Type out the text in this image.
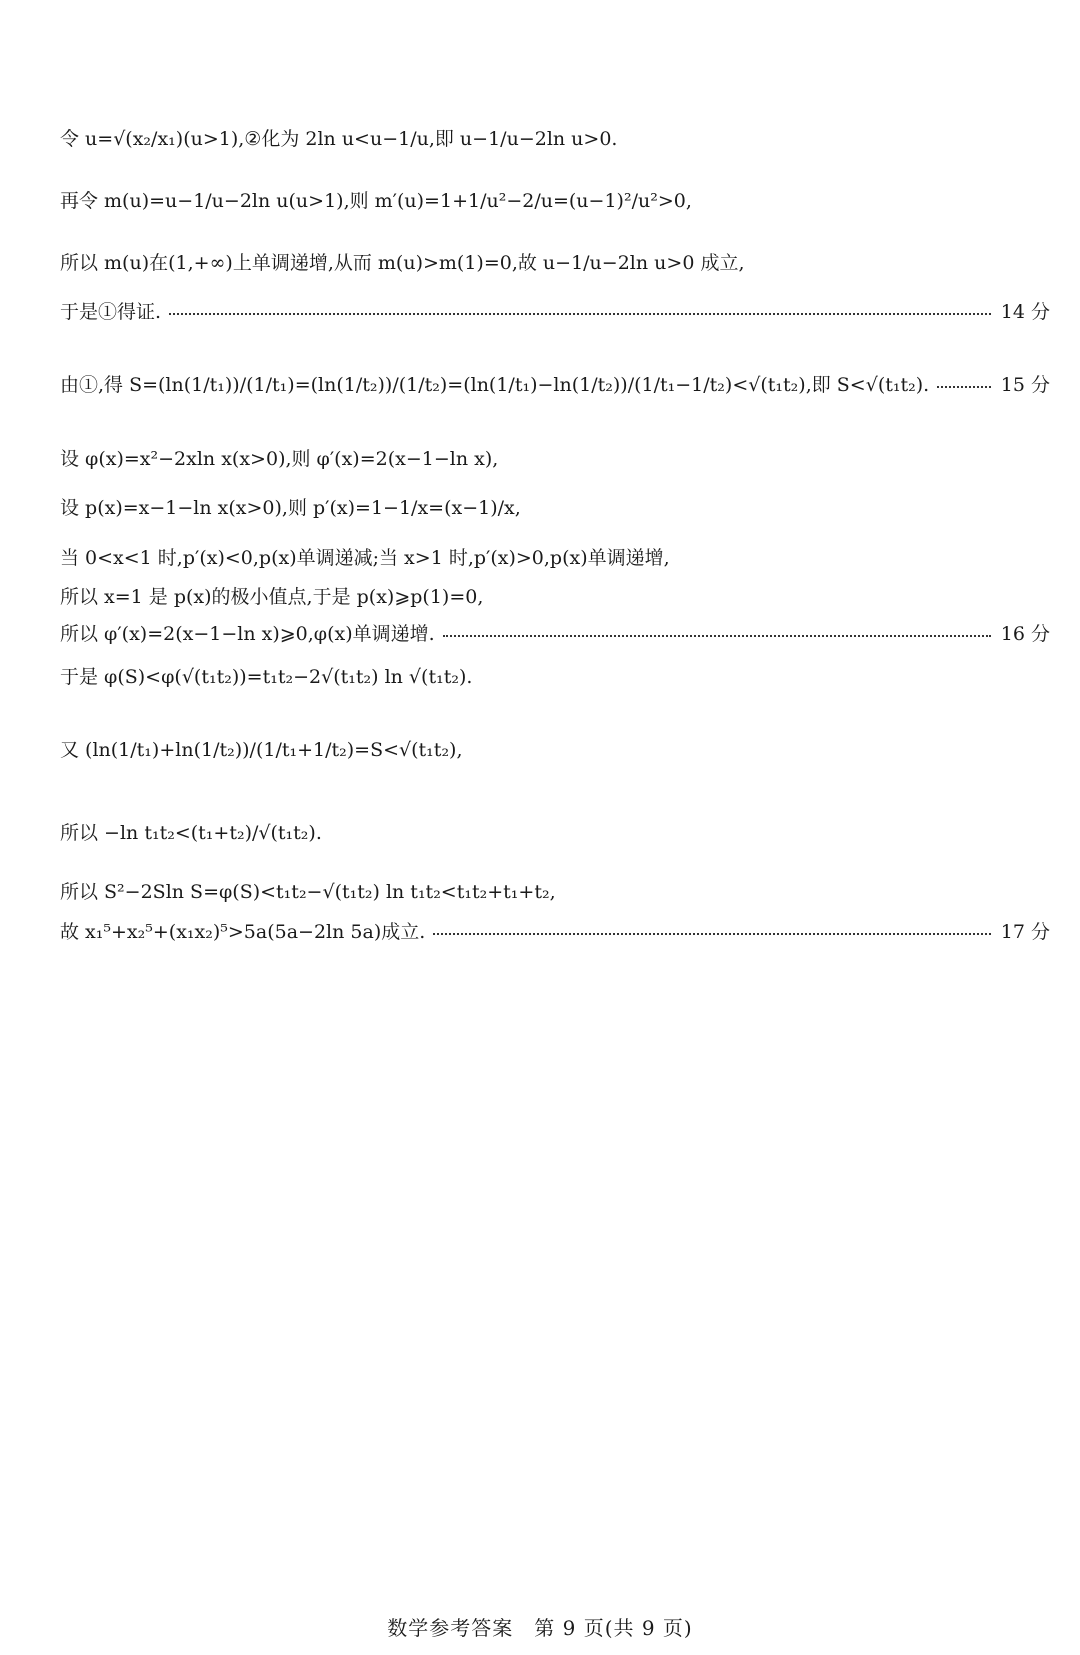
令 u=√(x₂/x₁)(u>1),②化为 2ln u<u−1/u,即 u−1/u−2ln u>0.
再令 m(u)=u−1/u−2ln u(u>1),则 m′(u)=1+1/u²−2/u=(u−1)²/u²>0,
所以 m(u)在(1,+∞)上单调递增,从而 m(u)>m(1)=0,故 u−1/u−2ln u>0 成立,
于是①得证.	14 分
由①,得 S=(ln(1/t₁))/(1/t₁)=(ln(1/t₂))/(1/t₂)=(ln(1/t₁)−ln(1/t₂))/(1/t₁−1/t₂)<√(t₁t₂),即 S<√(t₁t₂).	15 分
设 φ(x)=x²−2xln x(x>0),则 φ′(x)=2(x−1−ln x),
设 p(x)=x−1−ln x(x>0),则 p′(x)=1−1/x=(x−1)/x,
当 0<x<1 时,p′(x)<0,p(x)单调递减;当 x>1 时,p′(x)>0,p(x)单调递增,
所以 x=1 是 p(x)的极小值点,于是 p(x)⩾p(1)=0,
所以 φ′(x)=2(x−1−ln x)⩾0,φ(x)单调递增.	16 分
于是 φ(S)<φ(√(t₁t₂))=t₁t₂−2√(t₁t₂) ln √(t₁t₂).
又 (ln(1/t₁)+ln(1/t₂))/(1/t₁+1/t₂)=S<√(t₁t₂),
所以 −ln t₁t₂<(t₁+t₂)/√(t₁t₂).
所以 S²−2Sln S=φ(S)<t₁t₂−√(t₁t₂) ln t₁t₂<t₁t₂+t₁+t₂,
故 x₁⁵+x₂⁵+(x₁x₂)⁵>5a(5a−2ln 5a)成立.	17 分
数学参考答案　第 9 页(共 9 页)
